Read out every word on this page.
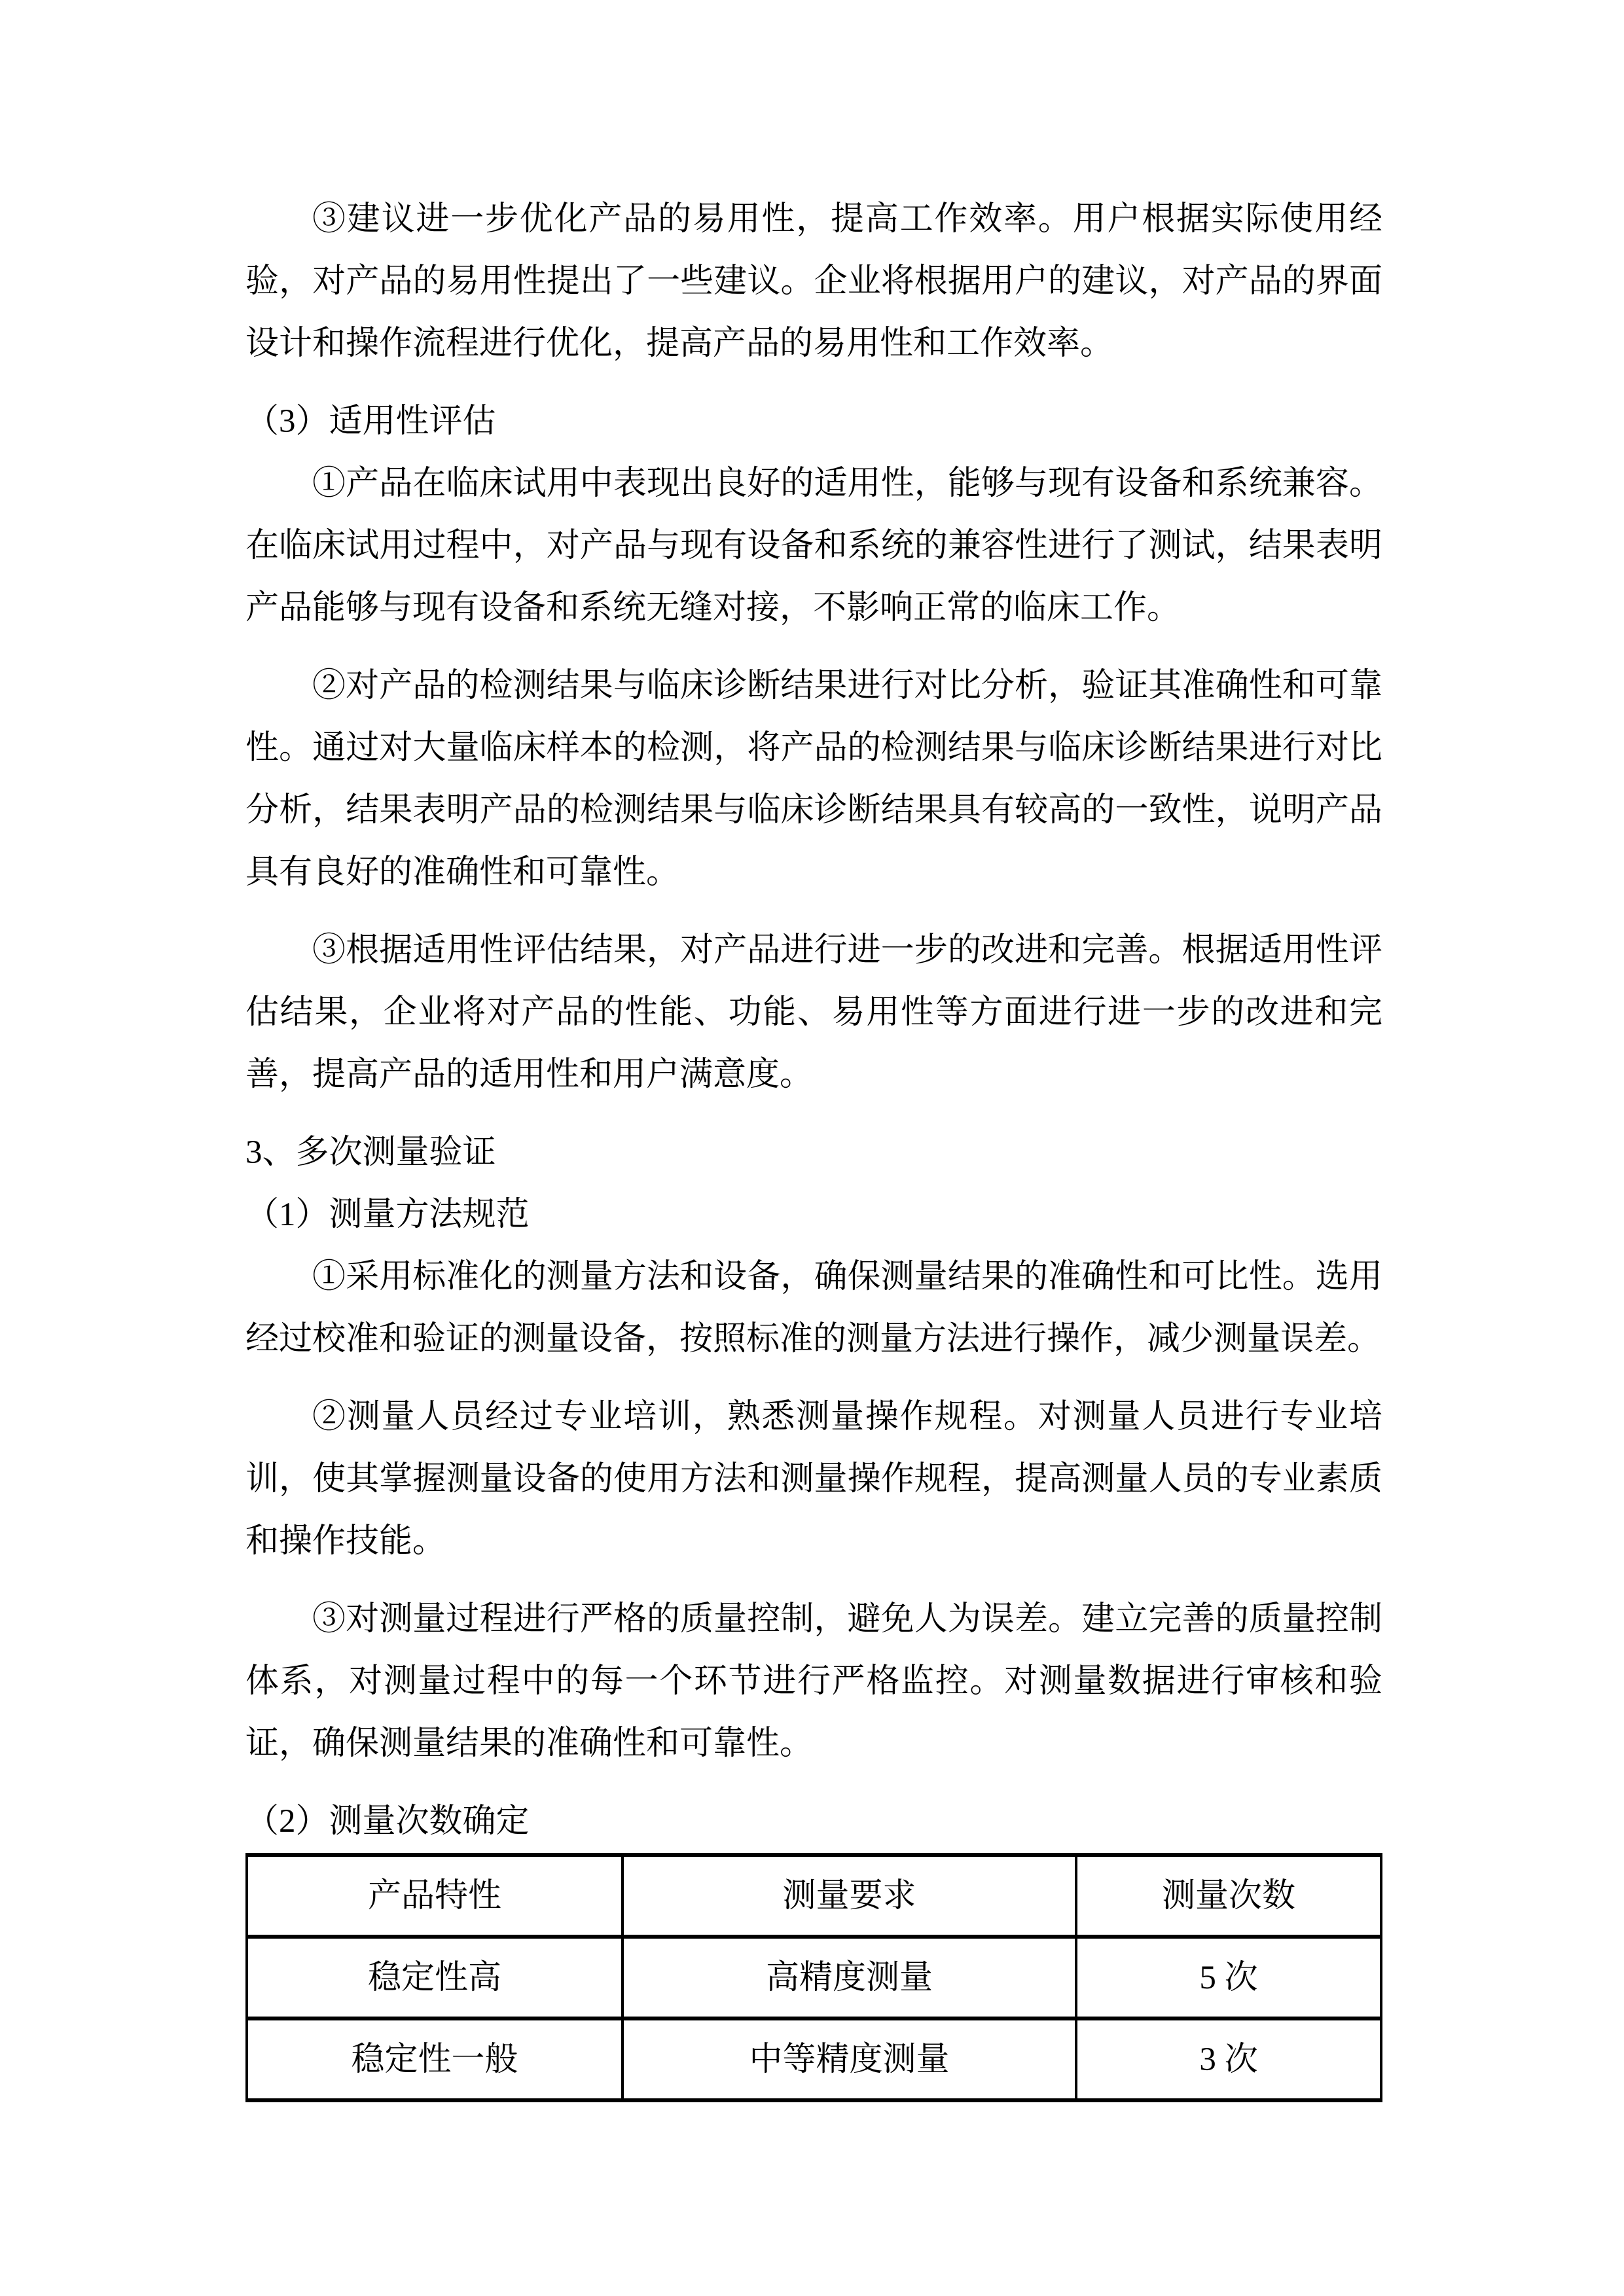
③建议进一步优化产品的易用性，提高工作效率。用户根据实际使用经验，对产品的易用性提出了一些建议。企业将根据用户的建议，对产品的界面设计和操作流程进行优化，提高产品的易用性和工作效率。

（3）适用性评估

①产品在临床试用中表现出良好的适用性，能够与现有设备和系统兼容。在临床试用过程中，对产品与现有设备和系统的兼容性进行了测试，结果表明产品能够与现有设备和系统无缝对接，不影响正常的临床工作。

②对产品的检测结果与临床诊断结果进行对比分析，验证其准确性和可靠性。通过对大量临床样本的检测，将产品的检测结果与临床诊断结果进行对比分析，结果表明产品的检测结果与临床诊断结果具有较高的一致性，说明产品具有良好的准确性和可靠性。

③根据适用性评估结果，对产品进行进一步的改进和完善。根据适用性评估结果，企业将对产品的性能、功能、易用性等方面进行进一步的改进和完善，提高产品的适用性和用户满意度。

3、多次测量验证

（1）测量方法规范

①采用标准化的测量方法和设备，确保测量结果的准确性和可比性。选用经过校准和验证的测量设备，按照标准的测量方法进行操作，减少测量误差。

②测量人员经过专业培训，熟悉测量操作规程。对测量人员进行专业培训，使其掌握测量设备的使用方法和测量操作规程，提高测量人员的专业素质和操作技能。

③对测量过程进行严格的质量控制，避免人为误差。建立完善的质量控制体系，对测量过程中的每一个环节进行严格监控。对测量数据进行审核和验证，确保测量结果的准确性和可靠性。

（2）测量次数确定

产品特性	测量要求	测量次数
稳定性高	高精度测量	5 次
稳定性一般	中等精度测量	3 次
